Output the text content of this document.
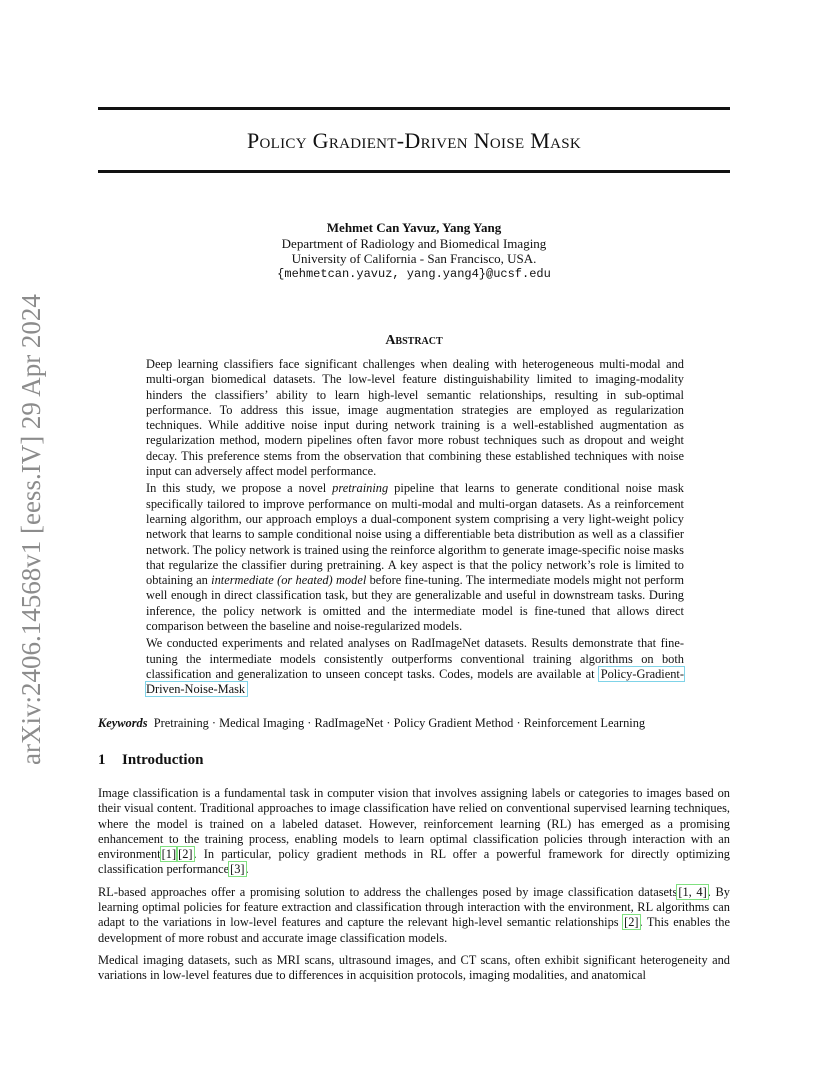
Policy Gradient-Driven Noise Mask
arXiv:2406.14568v1 [eess.IV] 29 Apr 2024
Mehmet Can Yavuz, Yang Yang
Department of Radiology and Biomedical Imaging
University of California - San Francisco, USA.
{mehmetcan.yavuz, yang.yang4}@ucsf.edu
Abstract

Deep learning classifiers face significant challenges when dealing with heterogeneous multi-modal and multi-organ biomedical datasets. The low-level feature distinguishability limited to imaging-modality hinders the classifiers’ ability to learn high-level semantic relationships, resulting in sub-optimal performance. To address this issue, image augmentation strategies are employed as regularization techniques. While additive noise input during network training is a well-established augmentation as regularization method, modern pipelines often favor more robust techniques such as dropout and weight decay. This preference stems from the observation that combining these established techniques with noise input can adversely affect model performance.

In this study, we propose a novel pretraining pipeline that learns to generate conditional noise mask specifically tailored to improve performance on multi-modal and multi-organ datasets. As a reinforcement learning algorithm, our approach employs a dual-component system comprising a very light-weight policy network that learns to sample conditional noise using a differentiable beta distribution as well as a classifier network. The policy network is trained using the reinforce algorithm to generate image-specific noise masks that regularize the classifier during pretraining. A key aspect is that the policy network’s role is limited to obtaining an intermediate (or heated) model before fine-tuning. The intermediate models might not perform well enough in direct classification task, but they are generalizable and useful in downstream tasks. During inference, the policy network is omitted and the intermediate model is fine-tuned that allows direct comparison between the baseline and noise-regularized models.

We conducted experiments and related analyses on RadImageNet datasets. Results demonstrate that fine-tuning the intermediate models consistently outperforms conventional training algorithms on both classification and generalization to unseen concept tasks. Codes, models are available at Policy-Gradient-Driven-Noise-Mask

Keywords Pretraining · Medical Imaging · RadImageNet · Policy Gradient Method · Reinforcement Learning
1 Introduction

Image classification is a fundamental task in computer vision that involves assigning labels or categories to images based on their visual content. Traditional approaches to image classification have relied on conventional supervised learning techniques, where the model is trained on a labeled dataset. However, reinforcement learning (RL) has emerged as a promising enhancement to the training process, enabling models to learn optimal classification policies through interaction with an environment[1] [2]. In particular, policy gradient methods in RL offer a powerful framework for directly optimizing classification performance[3].

RL-based approaches offer a promising solution to address the challenges posed by image classification datasets[1, 4]. By learning optimal policies for feature extraction and classification through interaction with the environment, RL algorithms can adapt to the variations in low-level features and capture the relevant high-level semantic relationships [2]. This enables the development of more robust and accurate image classification models.

Medical imaging datasets, such as MRI scans, ultrasound images, and CT scans, often exhibit significant heterogeneity and variations in low-level features due to differences in acquisition protocols, imaging modalities, and anatomical
